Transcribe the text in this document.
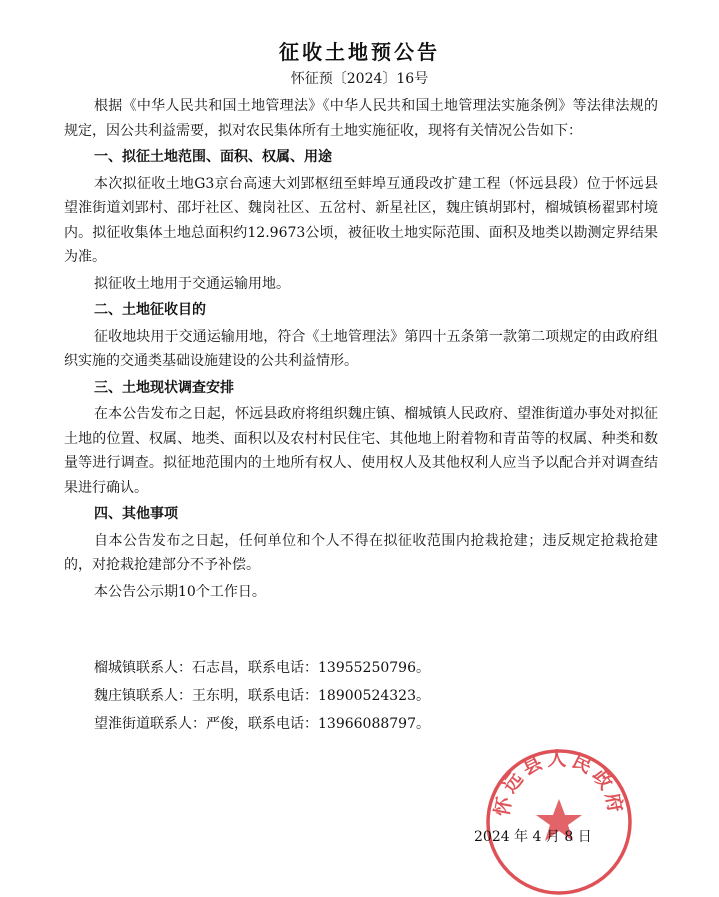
征收土地预公告
怀征预〔2024〕16号
根据《中华人民共和国土地管理法》《中华人民共和国土地管理法实施条例》等法律法规的规定，因公共利益需要，拟对农民集体所有土地实施征收，现将有关情况公告如下：
一、拟征土地范围、面积、权属、用途
本次拟征收土地G3京台高速大刘郢枢纽至蚌埠互通段改扩建工程（怀远县段）位于怀远县望淮街道刘郢村、邵圩社区、魏岗社区、五岔村、新星社区，魏庄镇胡郢村，榴城镇杨翟郢村境内。拟征收集体土地总面积约12.9673公顷，被征收土地实际范围、面积及地类以勘测定界结果为准。
拟征收土地用于交通运输用地。
二、土地征收目的
征收地块用于交通运输用地，符合《土地管理法》第四十五条第一款第二项规定的由政府组织实施的交通类基础设施建设的公共利益情形。
三、土地现状调查安排
在本公告发布之日起，怀远县政府将组织魏庄镇、榴城镇人民政府、望淮街道办事处对拟征土地的位置、权属、地类、面积以及农村村民住宅、其他地上附着物和青苗等的权属、种类和数量等进行调查。拟征地范围内的土地所有权人、使用权人及其他权利人应当予以配合并对调查结果进行确认。
四、其他事项
自本公告发布之日起，任何单位和个人不得在拟征收范围内抢栽抢建；违反规定抢栽抢建的，对抢栽抢建部分不予补偿。
本公告公示期10个工作日。
榴城镇联系人：石志昌，联系电话：13955250796。
魏庄镇联系人：王东明，联系电话：18900524323。
望淮街道联系人：严俊，联系电话：13966088797。
怀远县人民政府
2024 年 4 月 8 日
